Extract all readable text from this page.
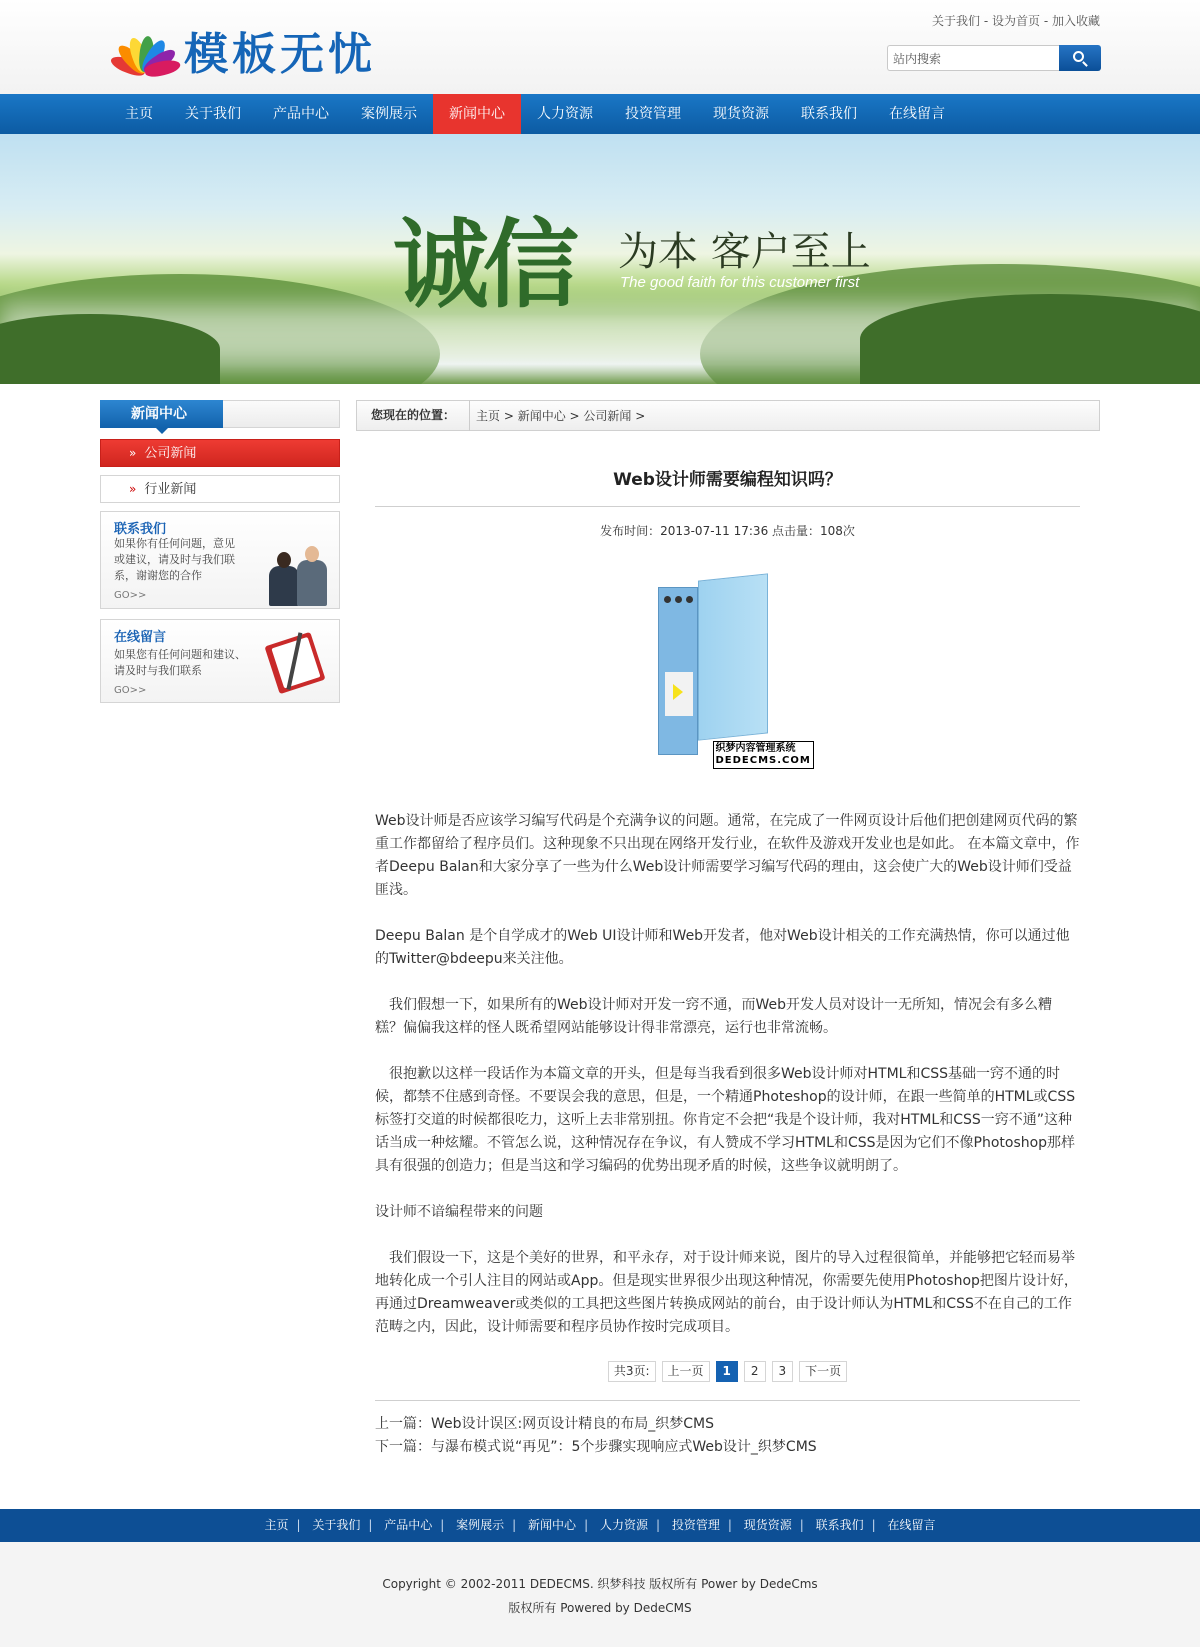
模板无忧
关于我们 - 设为首页 - 加入收藏
站内搜索
主页	关于我们	产品中心	案例展示	新闻中心	人力资源	投资管理	现货资源	联系我们	在线留言
诚信 为本 客户至上
The good faith for this customer first
新闻中心
» 公司新闻
» 行业新闻
联系我们
如果你有任何问题，意见
或建议，请及时与我们联
系，谢谢您的合作
GO>>
在线留言
如果您有任何问题和建议、
请及时与我们联系
GO>>
您现在的位置：	主页 > 新闻中心 > 公司新闻 >
Web设计师需要编程知识吗？
发布时间：2013-07-11 17:36 点击量：108次
织梦内容管理系统
DEDECMS.COM

Web设计师是否应该学习编写代码是个充满争议的问题。通常，在完成了一件网页设计后他们把创建网页代码的繁重工作都留给了程序员们。这种现象不只出现在网络开发行业，在软件及游戏开发业也是如此。 在本篇文章中，作者Deepu Balan和大家分享了一些为什么Web设计师需要学习编写代码的理由，这会使广大的Web设计师们受益匪浅。

Deepu Balan 是个自学成才的Web UI设计师和Web开发者，他对Web设计相关的工作充满热情，你可以通过他的Twitter@bdeepu来关注他。

　我们假想一下，如果所有的Web设计师对开发一窍不通，而Web开发人员对设计一无所知，情况会有多么糟糕？偏偏我这样的怪人既希望网站能够设计得非常漂亮，运行也非常流畅。

　很抱歉以这样一段话作为本篇文章的开头，但是每当我看到很多Web设计师对HTML和CSS基础一窍不通的时候，都禁不住感到奇怪。不要误会我的意思，但是，一个精通Photeshop的设计师，在跟一些简单的HTML或CSS标签打交道的时候都很吃力，这听上去非常别扭。你肯定不会把“我是个设计师，我对HTML和CSS一窍不通”这种话当成一种炫耀。不管怎么说，这种情况存在争议，有人赞成不学习HTML和CSS是因为它们不像Photoshop那样具有很强的创造力；但是当这和学习编码的优势出现矛盾的时候，这些争议就明朗了。

设计师不谙编程带来的问题

　我们假设一下，这是个美好的世界，和平永存，对于设计师来说，图片的导入过程很简单，并能够把它轻而易举地转化成一个引人注目的网站或App。但是现实世界很少出现这种情况，你需要先使用Photoshop把图片设计好，再通过Dreamweaver或类似的工具把这些图片转换成网站的前台，由于设计师认为HTML和CSS不在自己的工作范畴之内，因此，设计师需要和程序员协作按时完成项目。

共3页:	上一页	1	2	3	下一页
上一篇：Web设计误区:网页设计精良的布局_织梦CMS
下一篇：与瀑布模式说“再见”：5个步骤实现响应式Web设计_织梦CMS
主页 | 关于我们 | 产品中心 | 案例展示 | 新闻中心 | 人力资源 | 投资管理 | 现货资源 | 联系我们 | 在线留言
Copyright © 2002-2011 DEDECMS. 织梦科技 版权所有 Power by DedeCms
版权所有 Powered by DedeCMS
